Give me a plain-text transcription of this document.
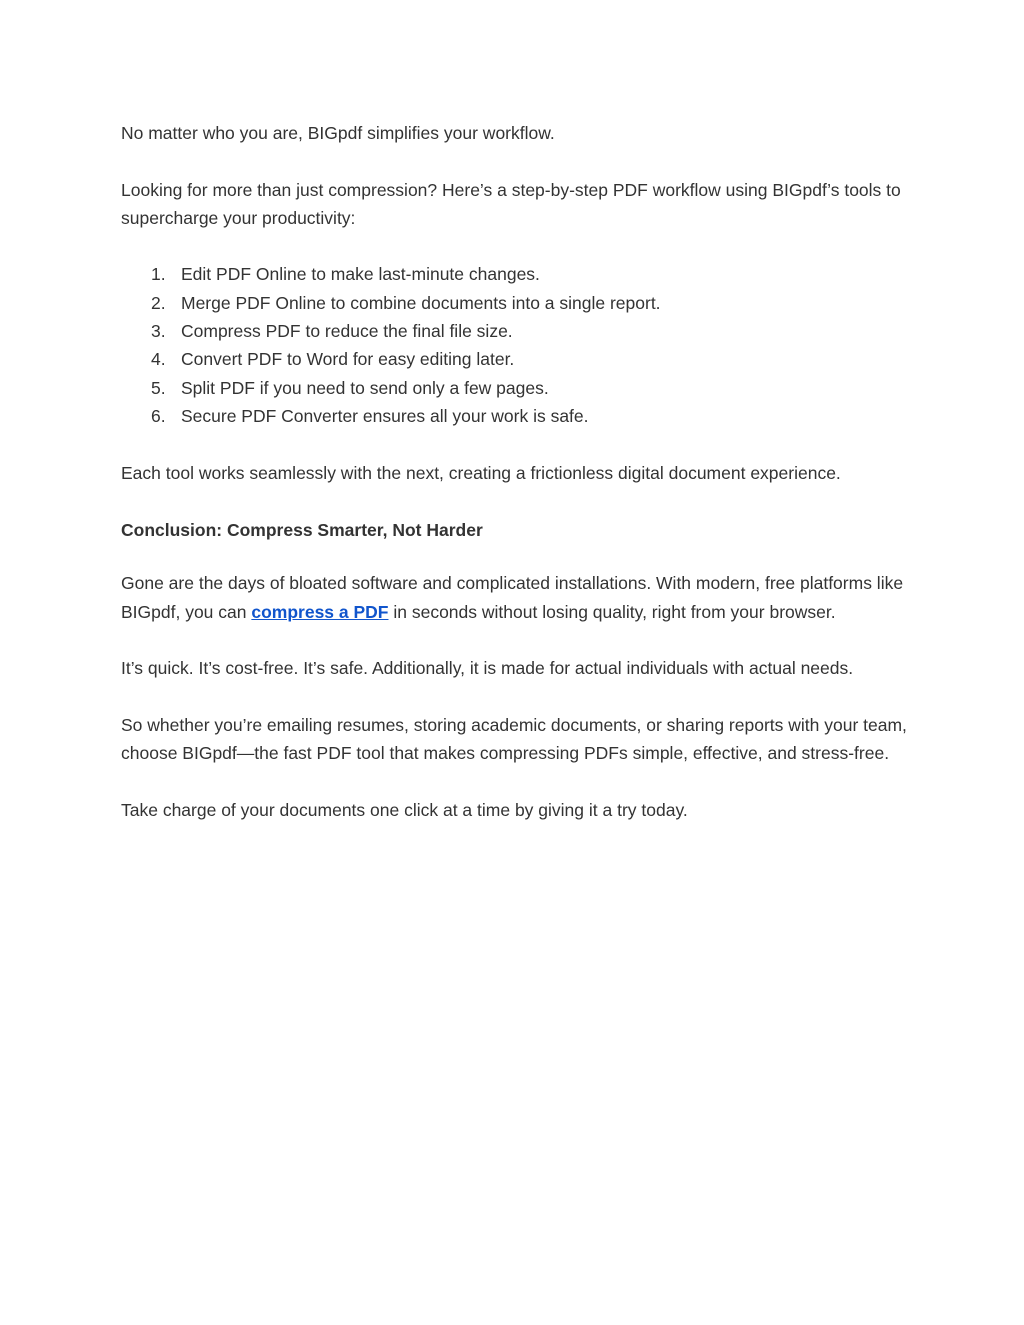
No matter who you are, BIGpdf simplifies your workflow.

Looking for more than just compression? Here’s a step-by-step PDF workflow using BIGpdf’s tools to supercharge your productivity:

1. Edit PDF Online to make last-minute changes.
2. Merge PDF Online to combine documents into a single report.
3. Compress PDF to reduce the final file size.
4. Convert PDF to Word for easy editing later.
5. Split PDF if you need to send only a few pages.
6. Secure PDF Converter ensures all your work is safe.

Each tool works seamlessly with the next, creating a frictionless digital document experience.

Conclusion: Compress Smarter, Not Harder

Gone are the days of bloated software and complicated installations. With modern, free platforms like BIGpdf, you can compress a PDF in seconds without losing quality, right from your browser.

It’s quick. It’s cost-free. It’s safe. Additionally, it is made for actual individuals with actual needs.

So whether you’re emailing resumes, storing academic documents, or sharing reports with your team, choose BIGpdf—the fast PDF tool that makes compressing PDFs simple, effective, and stress-free.

Take charge of your documents one click at a time by giving it a try today.
